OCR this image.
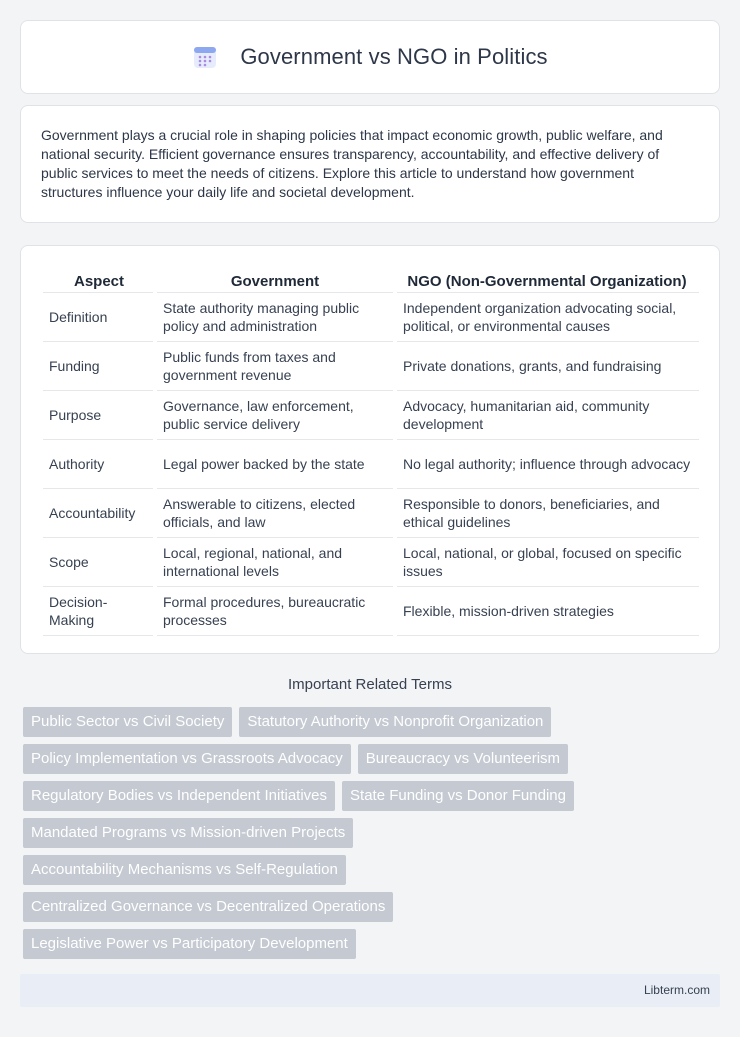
Government vs NGO in Politics

Government plays a crucial role in shaping policies that impact economic growth, public welfare, and national security. Efficient governance ensures transparency, accountability, and effective delivery of public services to meet the needs of citizens. Explore this article to understand how government structures influence your daily life and societal development.

Aspect	Government	NGO (Non-Governmental Organization)
Definition	State authority managing public policy and administration	Independent organization advocating social, political, or environmental causes
Funding	Public funds from taxes and government revenue	Private donations, grants, and fundraising
Purpose	Governance, law enforcement, public service delivery	Advocacy, humanitarian aid, community development
Authority	Legal power backed by the state	No legal authority; influence through advocacy
Accountability	Answerable to citizens, elected officials, and law	Responsible to donors, beneficiaries, and ethical guidelines
Scope	Local, regional, national, and international levels	Local, national, or global, focused on specific issues
Decision-Making	Formal procedures, bureaucratic processes	Flexible, mission-driven strategies
Important Related Terms
Public Sector vs Civil Society	Statutory Authority vs Nonprofit Organization
Policy Implementation vs Grassroots Advocacy	Bureaucracy vs Volunteerism
Regulatory Bodies vs Independent Initiatives	State Funding vs Donor Funding
Mandated Programs vs Mission-driven Projects
Accountability Mechanisms vs Self-Regulation
Centralized Governance vs Decentralized Operations
Legislative Power vs Participatory Development
Libterm.com
